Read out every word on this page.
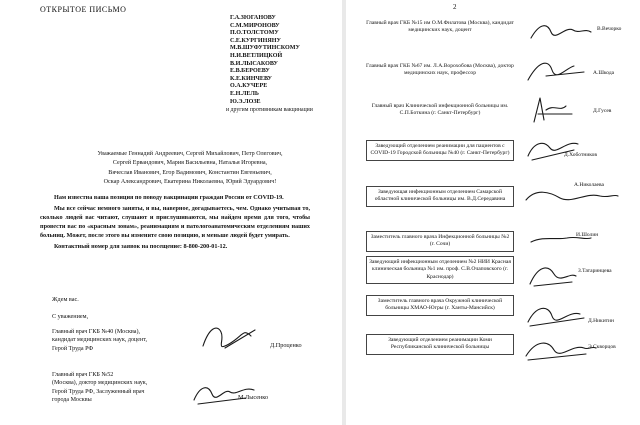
ОТКРЫТОЕ ПИСЬМО
Г.А.ЗЮГАНОВУ
С.М.МИРОНОВУ
П.О.ТОЛСТОМУ
С.Е.КУРГИНЯНУ
М.В.ШУФУТИНСКОМУ
Н.И.ВЕТЛИЦКОЙ
В.И.ЛЫСАКОВУ
Е.В.БЕРОЕВУ
К.Е.КИНЧЕВУ
О.А.КУЧЕРЕ
Е.Н.ЛЕЛЬ
Ю.Э.ЛОЗЕ
и другим противникам вакцинации
Уважаемые Геннадий Андреевич, Сергей Михайлович, Петр Олегович,
Сергей Ервандович, Мария Васильевна, Наталья Игоревна,
Вячеслав Иванович, Егор Вадимович, Константин Евгеньевич,
Оскар Александрович, Екатерина Николаевна, Юрий Эдуардович!

Нам известна ваша позиция по поводу вакцинации граждан России от COVID-19.

Мы все сейчас немного заняты, и вы, наверное, догадываетесь, чем. Однако учитывая то, сколько людей вас читают, слушают и прислушиваются, мы найдем время для того, чтобы провести вас по «красным зонам», реанимациям и патологоанатомическим отделениям наших больниц. Может, после этого вы измените свою позицию, и меньше людей будет умирать.

Контактный номер для заявок на посещение: 8-800-200-01-12.

Ждем вас.
С уважением,
Главный врач ГКБ №40 (Москва),
кандидат медицинских наук, доцент,
Герой Труда РФ	Д.Проценко
Главный врач ГКБ №52
(Москва), доктор медицинских наук,
Герой Труда РФ, Заслуженный врач
города Москвы	М.Лысенко
2
Главный врач ГКБ №15 им О.М.Филатова (Москва), кандидат медицинских наук, доцент
Главный врач ГКБ №67 им. Л.А.Ворохобова (Москва), доктор медицинских наук, профессор
Главный врач Клинической инфекционной больницы им. С.П.Боткина (г. Санкт-Петербург)
Заведующий отделением реанимации для пациентов с COVID-19 Городской больницы №40 (г. Санкт-Петербург)
Заведующая инфекционным отделением Самарской областной клинической больницы им. В.Д.Середавина
Заместитель главного врача Инфекционной больницы №2 (г. Сочи)
Заведующий инфекционным отделением №2 НИИ Красная клиническая больница №1 им. проф. С.В.Очаповского (г. Краснодар)
Заместитель главного врача Окружной клинической больницы ХМАО-Югры (г. Ханты-Мансийск)
Заведующий отделением реанимации Коми Республиканской клинической больницы
В.Вечорко
А.Шкода
Д.Гусев
Д.Хоботников
А.Николаева
И.Шолин
З.Татаринцева
Д.Никитин
Э.Скворцов
